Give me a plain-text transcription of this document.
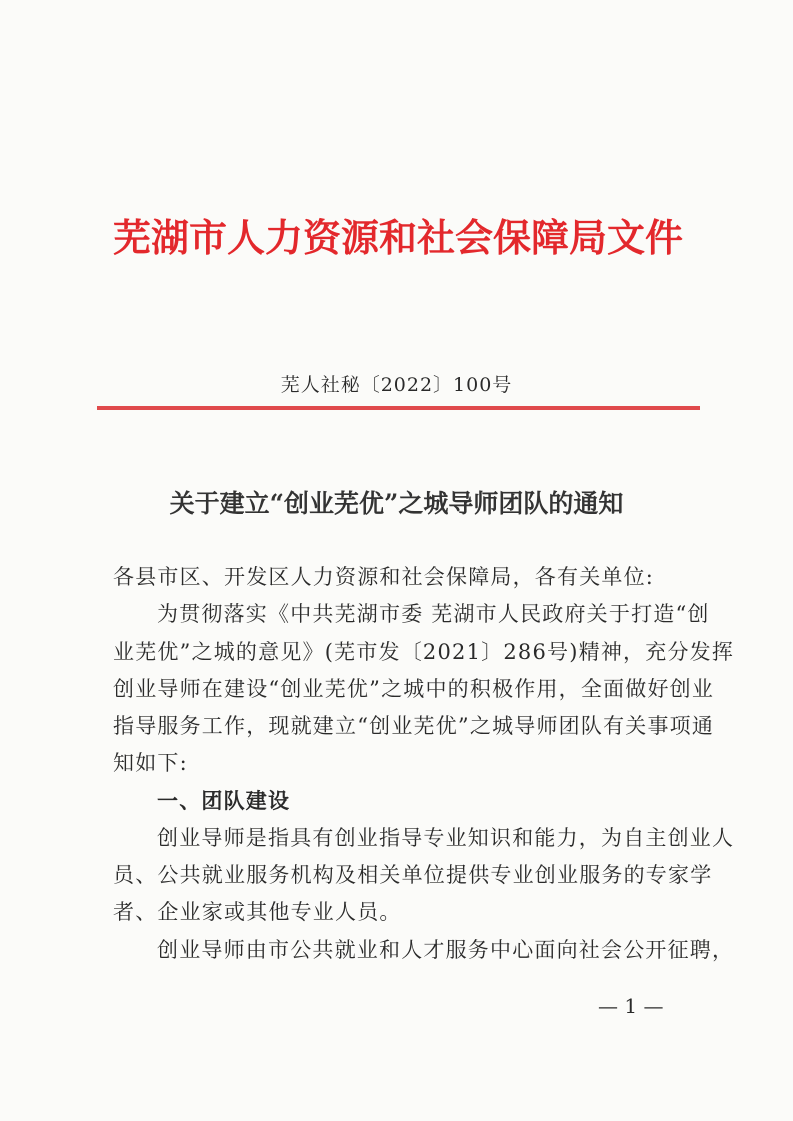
芜湖市人力资源和社会保障局文件
芜人社秘〔2022〕100号
关于建立“创业芜优”之城导师团队的通知
各县市区、开发区人力资源和社会保障局，各有关单位:
为贯彻落实《中共芜湖市委 芜湖市人民政府关于打造“创
业芜优”之城的意见》(芜市发〔2021〕286号)精神，充分发挥
创业导师在建设“创业芜优”之城中的积极作用，全面做好创业
指导服务工作，现就建立“创业芜优”之城导师团队有关事项通
知如下:
一、团队建设
创业导师是指具有创业指导专业知识和能力，为自主创业人
员、公共就业服务机构及相关单位提供专业创业服务的专家学
者、企业家或其他专业人员。
创业导师由市公共就业和人才服务中心面向社会公开征聘，
— 1 —
